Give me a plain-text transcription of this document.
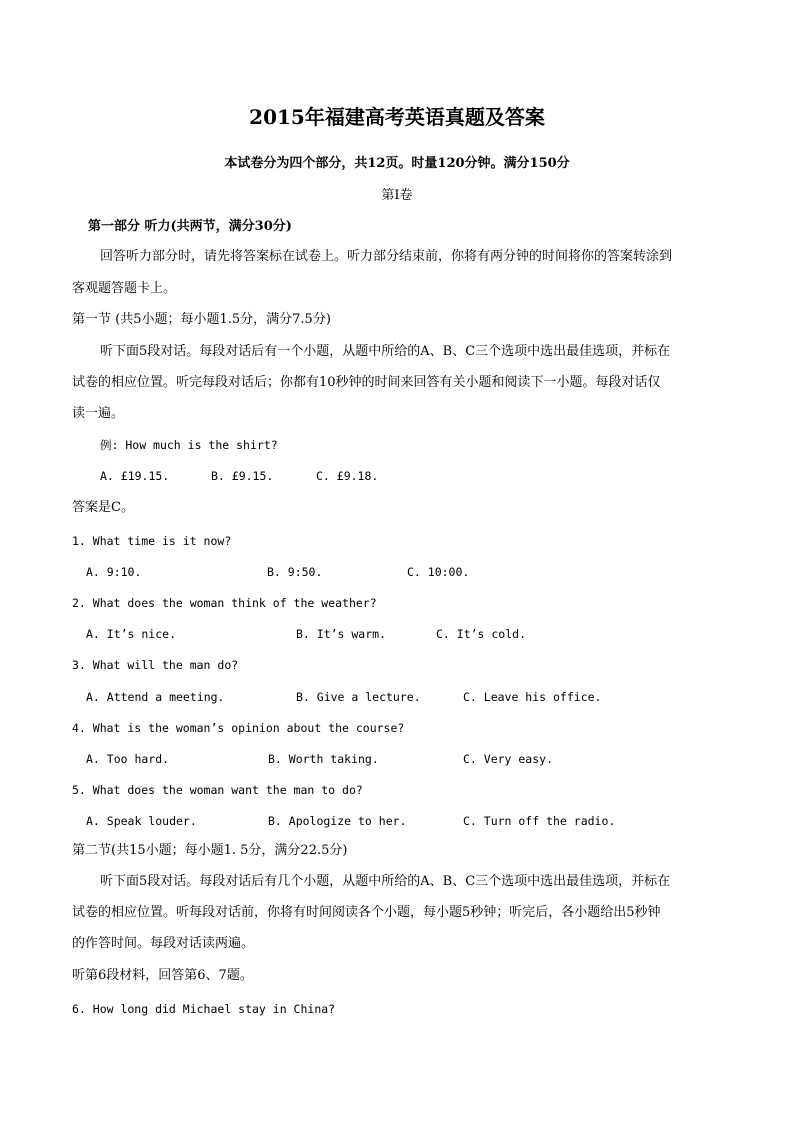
2015年福建高考英语真题及答案
本试卷分为四个部分，共12页。时量120分钟。满分150分
第Ⅰ卷
第一部分 听力(共两节，满分30分)
回答听力部分时，请先将答案标在试卷上。听力部分结束前，你将有两分钟的时间将你的答案转涂到
客观题答题卡上。
第一节 (共5小题；每小题1.5分，满分7.5分)
听下面5段对话。每段对话后有一个小题，从题中所给的A、B、C三个选项中选出最佳选项，并标在
试卷的相应位置。听完每段对话后；你都有10秒钟的时间来回答有关小题和阅读下一小题。每段对话仅
读一遍。
例: How much is the shirt?
A. £19.15.	B. £9.15.	C. £9.18.
答案是C。
1. What time is it now?
A. 9:10.	B. 9:50.	C. 10:00.
2. What does the woman think of the weather?
A. It’s nice.	B. It’s warm.	C. It’s cold.
3. What will the man do?
A. Attend a meeting.	B. Give a lecture.	C. Leave his office.
4. What is the woman’s opinion about the course?
A. Too hard.	B. Worth taking.	C. Very easy.
5. What does the woman want the man to do?
A. Speak louder.	B. Apologize to her.	C. Turn off the radio.
第二节(共15小题；每小题1. 5分，满分22.5分)
听下面5段对话。每段对话后有几个小题，从题中所给的A、B、C三个选项中选出最佳选项，并标在
试卷的相应位置。听每段对话前，你将有时间阅读各个小题，每小题5秒钟；听完后，各小题给出5秒钟
的作答时间。每段对话读两遍。
听第6段材料，回答第6、7题。
6. How long did Michael stay in China?
